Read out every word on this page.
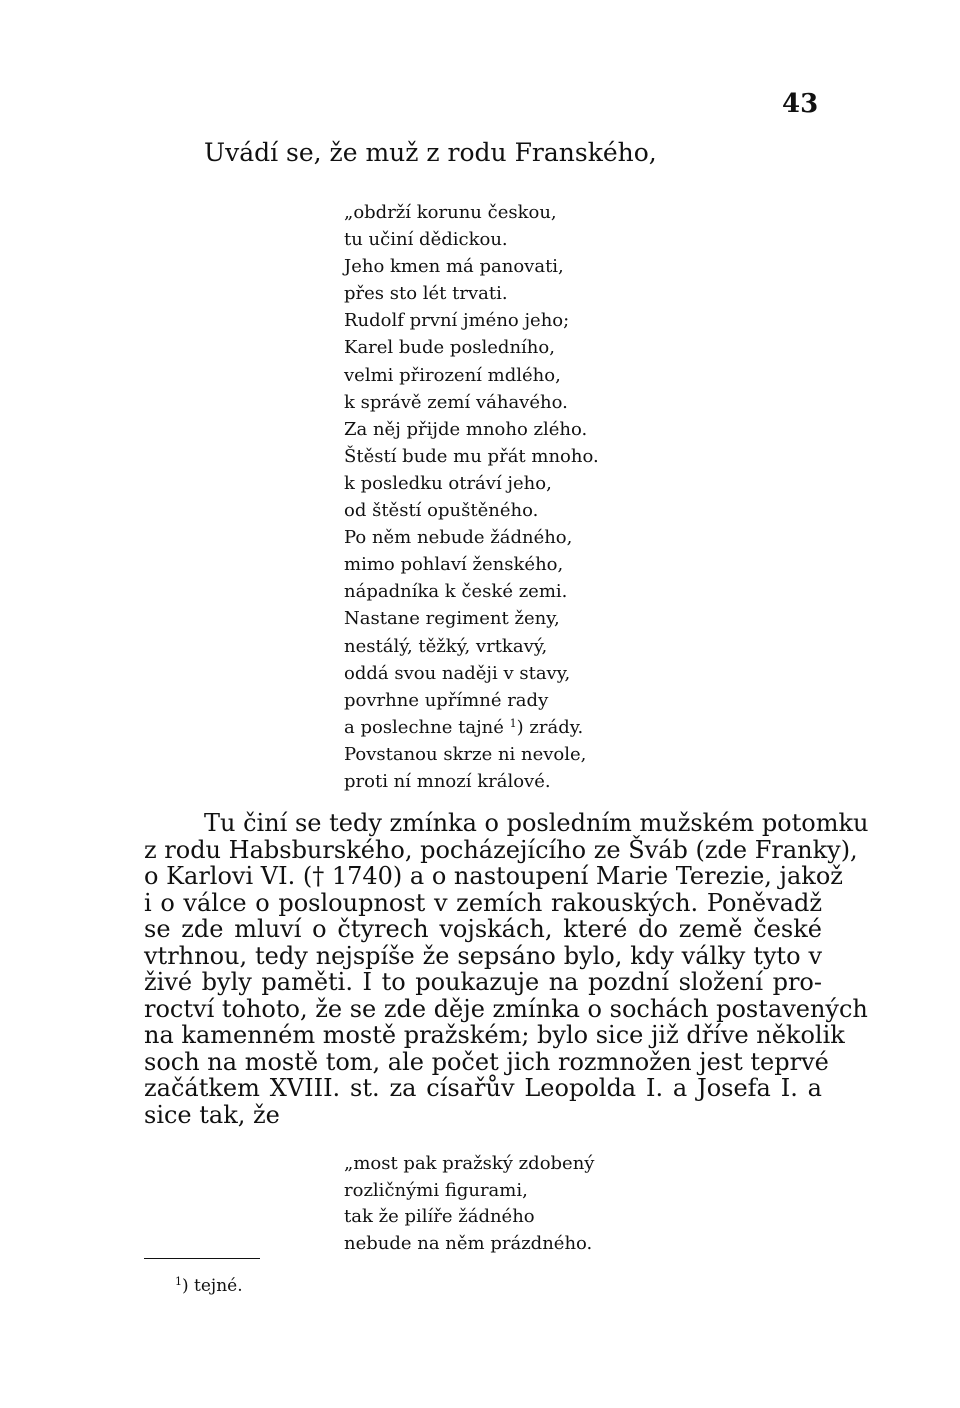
43
Uvádí se, že muž z rodu Franského,
„obdrží korunu českou,
tu učiní dědickou.
Jeho kmen má panovati,
přes sto lét trvati.
Rudolf první jméno jeho;
Karel bude posledního,
velmi přirození mdlého,
k správě zemí váhavého.
Za něj přijde mnoho zlého.
Štěstí bude mu přát mnoho.
k posledku otráví jeho,
od štěstí opuštěného.
Po něm nebude žádného,
mimo pohlaví ženského,
nápadníka k české zemi.
Nastane regiment ženy,
nestálý, těžký, vrtkavý,
oddá svou naději v stavy,
povrhne upřímné rady
a poslechne tajné $^1$) zrády.
Povstanou skrze ni nevole,
proti ní mnozí králové.
Tu činí se tedy zmínka o posledním mužském potomku
z rodu Habsburského, pocházejícího ze Šváb (zde Franky),
o Karlovi VI. († 1740) a o nastoupení Marie Terezie, jakož
i o válce o posloupnost v zemích rakouských. Poněvadž
se zde mluví o čtyrech vojskách, které do země české
vtrhnou, tedy nejspíše že sepsáno bylo, kdy války tyto v
živé byly paměti. I to poukazuje na pozdní složení pro-
roctví tohoto, že se zde děje zmínka o sochách postavených
na kamenném mostě pražském; bylo sice již dříve několik
soch na mostě tom, ale počet jich rozmnožen jest teprvé
začátkem XVIII. st. za císařův Leopolda I. a Josefa I. a
sice tak, že
„most pak pražský zdobený
rozličnými figurami,
tak že pilíře žádného
nebude na něm prázdného.
$^1$) tejné.
